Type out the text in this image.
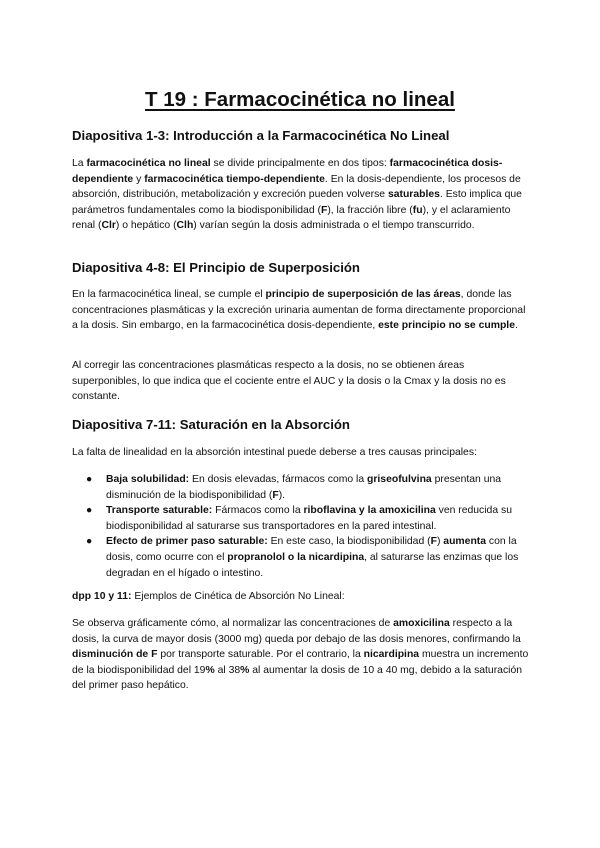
T 19 : Farmacocinética no lineal
Diapositiva 1-3: Introducción a la Farmacocinética No Lineal

La farmacocinética no lineal se divide principalmente en dos tipos: farmacocinética dosis-dependiente y farmacocinética tiempo-dependiente. En la dosis-dependiente, los procesos de absorción, distribución, metabolización y excreción pueden volverse saturables. Esto implica que parámetros fundamentales como la biodisponibilidad (F), la fracción libre (fu), y el aclaramiento renal (Clr) o hepático (Clh) varían según la dosis administrada o el tiempo transcurrido.

Diapositiva 4-8: El Principio de Superposición

En la farmacocinética lineal, se cumple el principio de superposición de las áreas, donde las concentraciones plasmáticas y la excreción urinaria aumentan de forma directamente proporcional a la dosis. Sin embargo, en la farmacocinética dosis-dependiente, este principio no se cumple.

Al corregir las concentraciones plasmáticas respecto a la dosis, no se obtienen áreas superponibles, lo que indica que el cociente entre el AUC y la dosis o la Cmax y la dosis no es constante.

Diapositiva 7-11: Saturación en la Absorción

La falta de linealidad en la absorción intestinal puede deberse a tres causas principales:

● Baja solubilidad: En dosis elevadas, fármacos como la griseofulvina presentan una disminución de la biodisponibilidad (F).
● Transporte saturable: Fármacos como la riboflavina y la amoxicilina ven reducida su biodisponibilidad al saturarse sus transportadores en la pared intestinal.
● Efecto de primer paso saturable: En este caso, la biodisponibilidad (F) aumenta con la dosis, como ocurre con el propranolol o la nicardipina, al saturarse las enzimas que los degradan en el hígado o intestino.

dpp 10 y 11: Ejemplos de Cinética de Absorción No Lineal:

Se observa gráficamente cómo, al normalizar las concentraciones de amoxicilina respecto a la dosis, la curva de mayor dosis (3000 mg) queda por debajo de las dosis menores, confirmando la disminución de F por transporte saturable. Por el contrario, la nicardipina muestra un incremento de la biodisponibilidad del 19% al 38% al aumentar la dosis de 10 a 40 mg, debido a la saturación del primer paso hepático.
